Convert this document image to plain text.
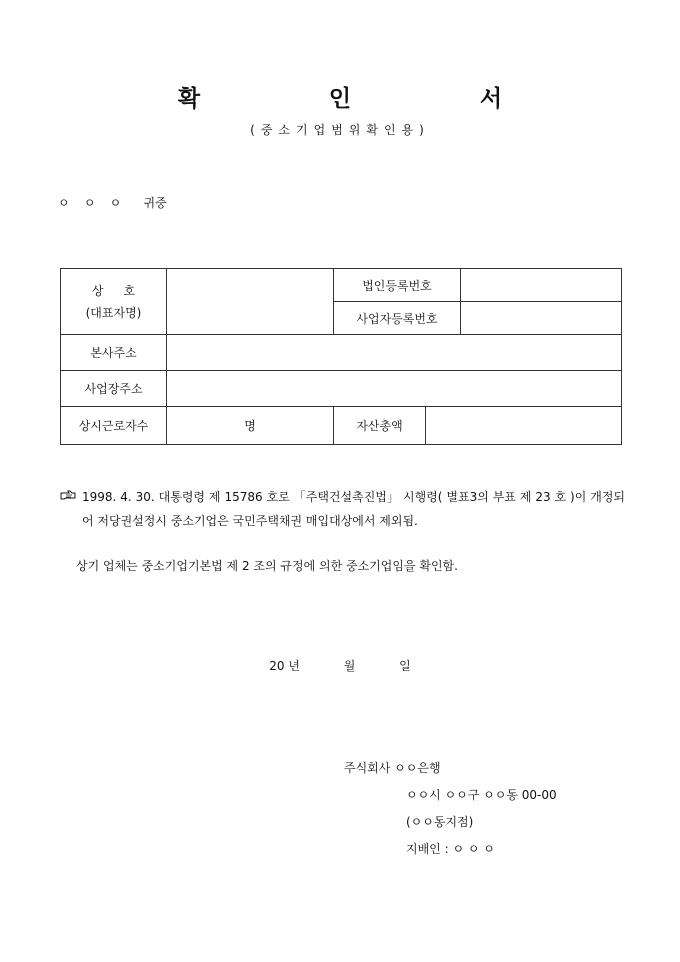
확	인	서
(중소기업범위확인용)
ㅇ ㅇ ㅇ 귀중
상 호
(대표자명)		법인등록번호		
		사업자등록번호		
본사주소				
사업장주소				
상시근로자수	명	자산총액		
1998. 4. 30. 대통령령 제 15786 호로 「주택건설촉진법」 시행령( 별표3의 부표 제 23 호 )이 개정되어 저당권설정시 중소기업은 국민주택채권 매입대상에서 제외됨.
상기 업체는 중소기업기본법 제 2 조의 규정에 의한 중소기업임을 확인함.
20 년	월	일
주식회사 ㅇㅇ은행
ㅇㅇ시 ㅇㅇ구 ㅇㅇ동 00-00
(ㅇㅇ동지점)
지배인 : ㅇ ㅇ ㅇ
